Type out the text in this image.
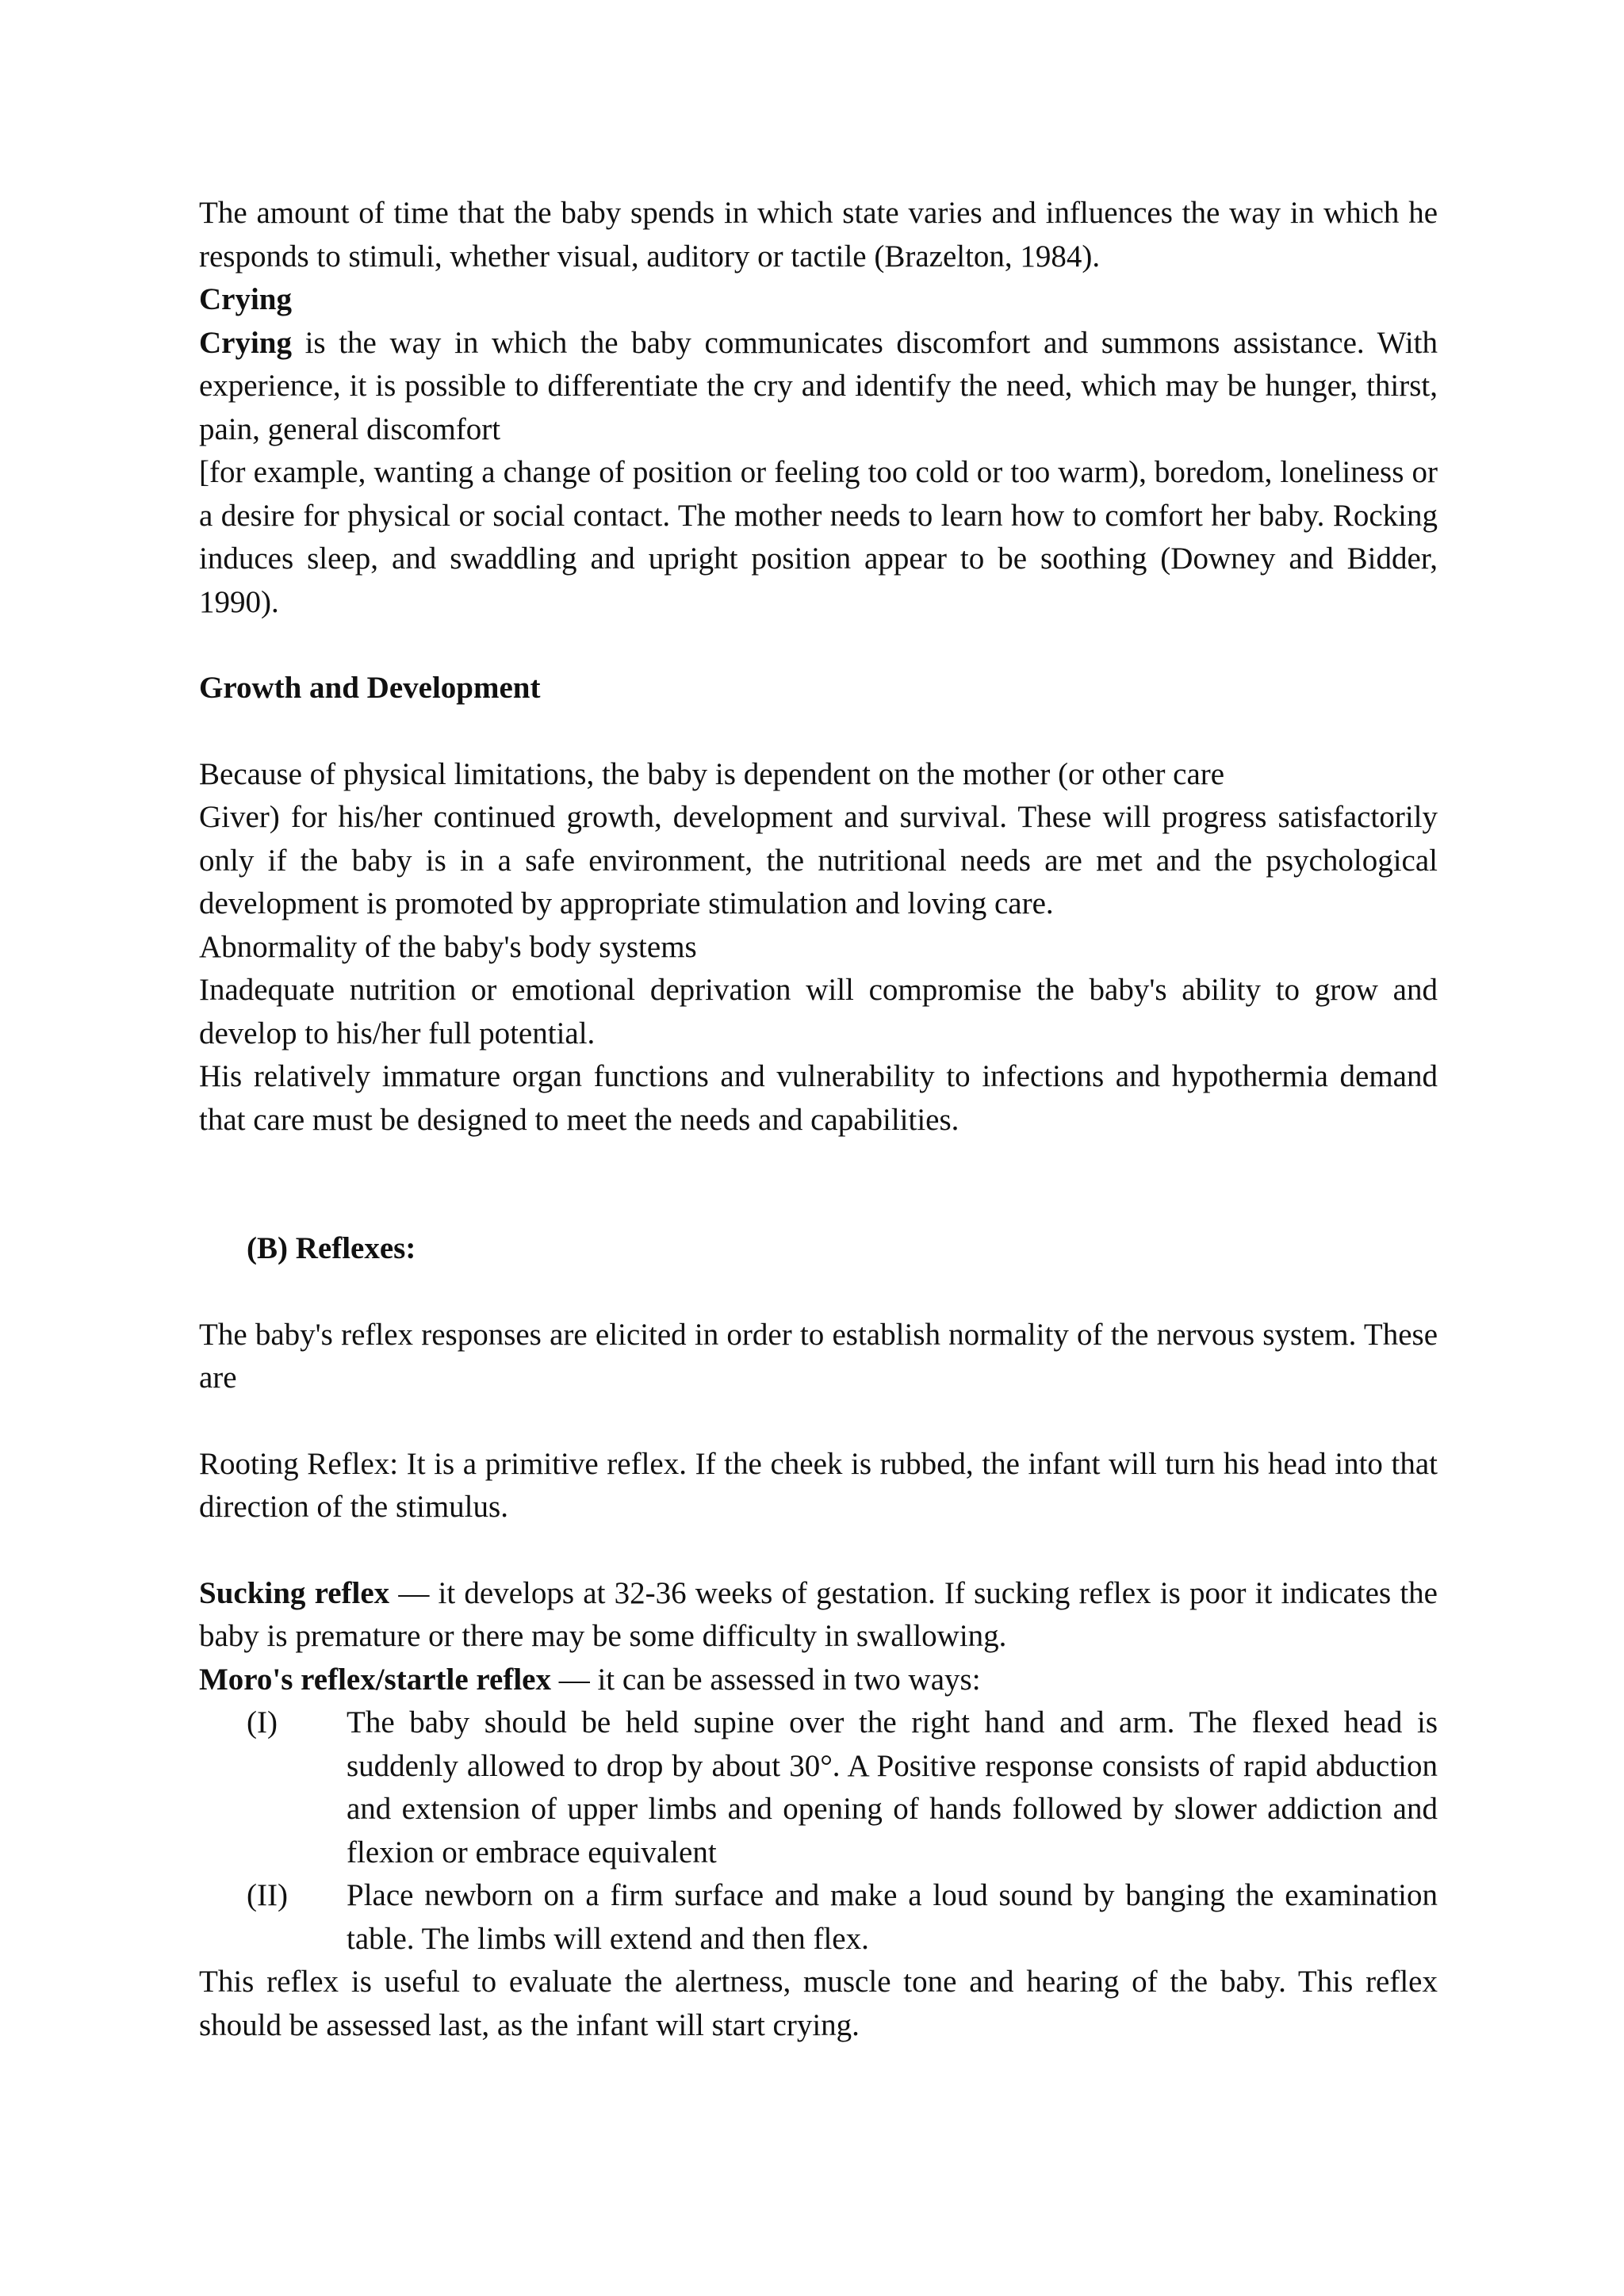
The amount of time that the baby spends in which state varies and influences the way in which he responds to stimuli, whether visual, auditory or tactile (Brazelton, 1984).

Crying

Crying is the way in which the baby communicates discomfort and summons assistance. With experience, it is possible to differentiate the cry and identify the need, which may be hunger, thirst, pain, general discomfort

[for example, wanting a change of position or feeling too cold or too warm), boredom, loneliness or a desire for physical or social contact. The mother needs to learn how to comfort her baby. Rocking induces sleep, and swaddling and upright position appear to be soothing (Downey and Bidder, 1990).

Growth and Development

Because of physical limitations, the baby is dependent on the mother (or other care

Giver) for his/her continued growth, development and survival. These will progress satisfactorily only if the baby is in a safe environment, the nutritional needs are met and the psychological development is promoted by appropriate stimulation and loving care.

Abnormality of the baby's body systems

Inadequate nutrition or emotional deprivation will compromise the baby's ability to grow and develop to his/her full potential.

His relatively immature organ functions and vulnerability to infections and hypothermia demand that care must be designed to meet the needs and capabilities.

(B) Reflexes:

The baby's reflex responses are elicited in order to establish normality of the nervous system. These are

Rooting Reflex: It is a primitive reflex. If the cheek is rubbed, the infant will turn his head into that direction of the stimulus.

Sucking reflex — it develops at 32-36 weeks of gestation. If sucking reflex is poor it indicates the baby is premature or there may be some difficulty in swallowing.

Moro's reflex/startle reflex — it can be assessed in two ways:

(I)	The baby should be held supine over the right hand and arm. The flexed head is suddenly allowed to drop by about 30°. A Positive response consists of rapid abduction and extension of upper limbs and opening of hands followed by slower addiction and flexion or embrace equivalent
(II)	Place newborn on a firm surface and make a loud sound by banging the examination table. The limbs will extend and then flex.

This reflex is useful to evaluate the alertness, muscle tone and hearing of the baby. This reflex should be assessed last, as the infant will start crying.
